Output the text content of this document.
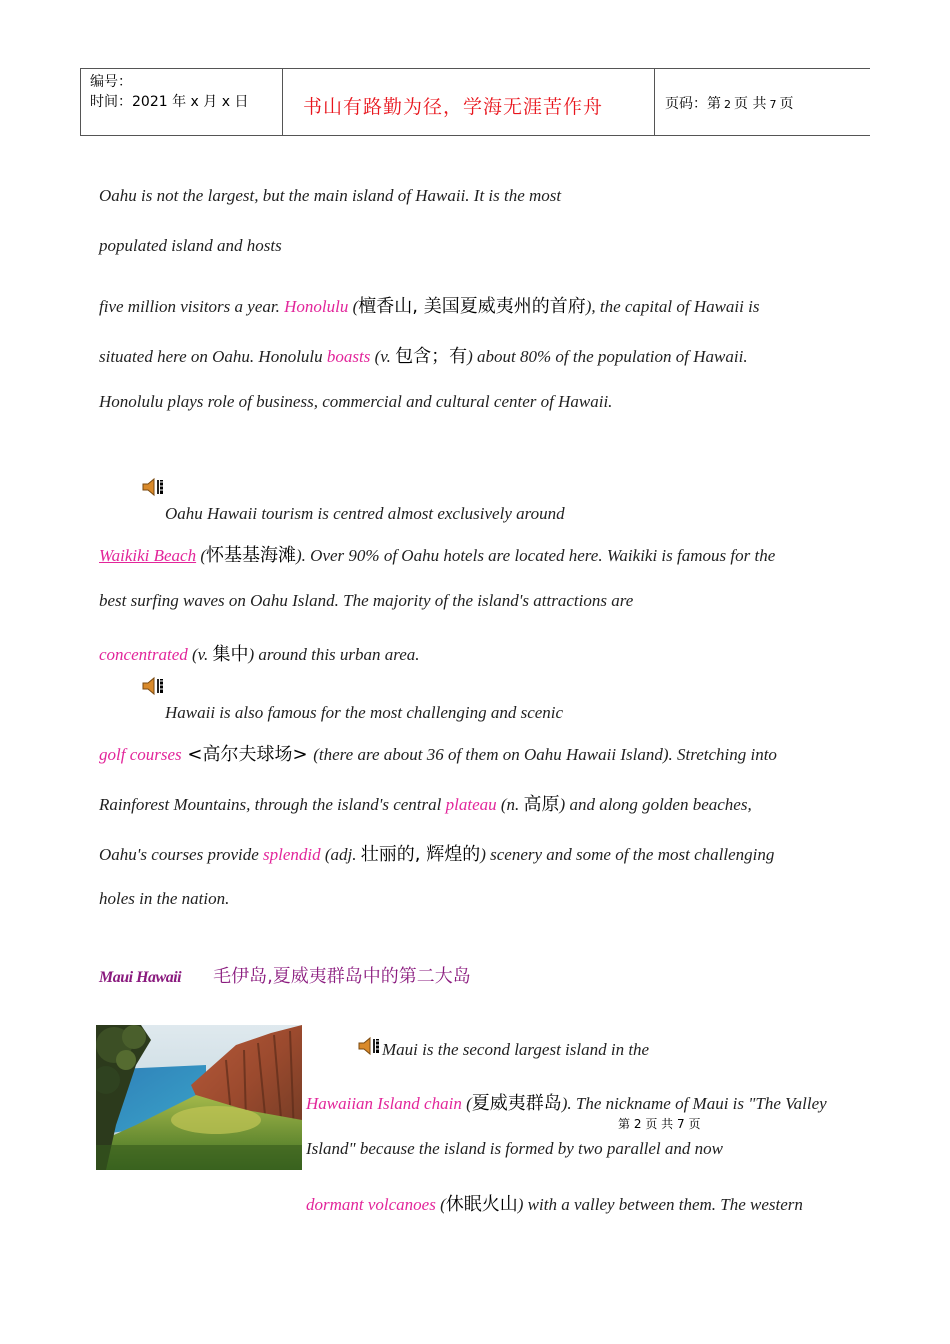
编号：
时间：2021 年 x 月 x 日	书山有路勤为径，学海无涯苦作舟	页码：第 2 页 共 7 页
Oahu is not the largest, but the main island of Hawaii. It is the most
populated island and hosts
five million visitors a year. Honolulu (檀香山, 美国夏威夷州的首府), the capital of Hawaii is
situated here on Oahu. Honolulu boasts (v. 包含；有) about 80% of the population of Hawaii.
Honolulu plays role of business, commercial and cultural center of Hawaii.
Oahu Hawaii tourism is centred almost exclusively around
Waikiki Beach (怀基基海滩). Over 90% of Oahu hotels are located here. Waikiki is famous for the
best surfing waves on Oahu Island. The majority of the island's attractions are
concentrated (v. 集中) around this urban area.
Hawaii is also famous for the most challenging and scenic
golf courses <高尔夫球场> (there are about 36 of them on Oahu Hawaii Island). Stretching into
Rainforest Mountains, through the island's central plateau (n. 高原) and along golden beaches,
Oahu's courses provide splendid (adj. 壮丽的, 辉煌的) scenery and some of the most challenging
holes in the nation.
Maui Hawaii 毛伊岛,夏威夷群岛中的第二大岛
Maui is the second largest island in the
Hawaiian Island chain (夏威夷群岛). The nickname of Maui is "The Valley
第 2 页 共 7 页
Island" because the island is formed by two parallel and now
dormant volcanoes (休眠火山) with a valley between them. The western
